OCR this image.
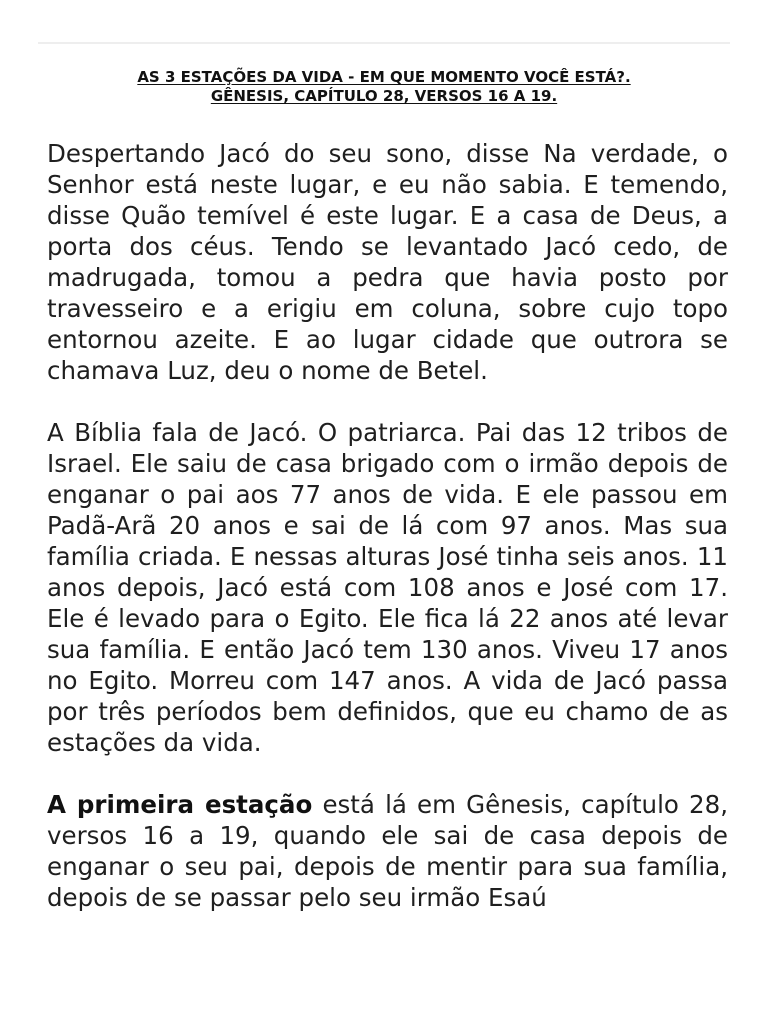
AS 3 ESTAÇÕES DA VIDA - EM QUE MOMENTO VOCÊ ESTÁ?.
GÊNESIS, CAPÍTULO 28, VERSOS 16 A 19.

Despertando Jacó do seu sono, disse Na verdade, o Senhor está neste lugar, e eu não sabia. E temendo, disse Quão temível é este lugar. E a casa de Deus, a porta dos céus. Tendo se levantado Jacó cedo, de madrugada, tomou a pedra que havia posto por travesseiro e a erigiu em coluna, sobre cujo topo entornou azeite. E ao lugar cidade que outrora se chamava Luz, deu o nome de Betel.

A Bíblia fala de Jacó. O patriarca. Pai das 12 tribos de Israel. Ele saiu de casa brigado com o irmão depois de enganar o pai aos 77 anos de vida. E ele passou em Padã-Arã 20 anos e sai de lá com 97 anos. Mas sua família criada. E nessas alturas José tinha seis anos. 11 anos depois, Jacó está com 108 anos e José com 17. Ele é levado para o Egito. Ele fica lá 22 anos até levar sua família. E então Jacó tem 130 anos. Viveu 17 anos no Egito. Morreu com 147 anos. A vida de Jacó passa por três períodos bem definidos, que eu chamo de as estações da vida.

A primeira estação está lá em Gênesis, capítulo 28, versos 16 a 19, quando ele sai de casa depois de enganar o seu pai, depois de mentir para sua família, depois de se passar pelo seu irmão Esaú
